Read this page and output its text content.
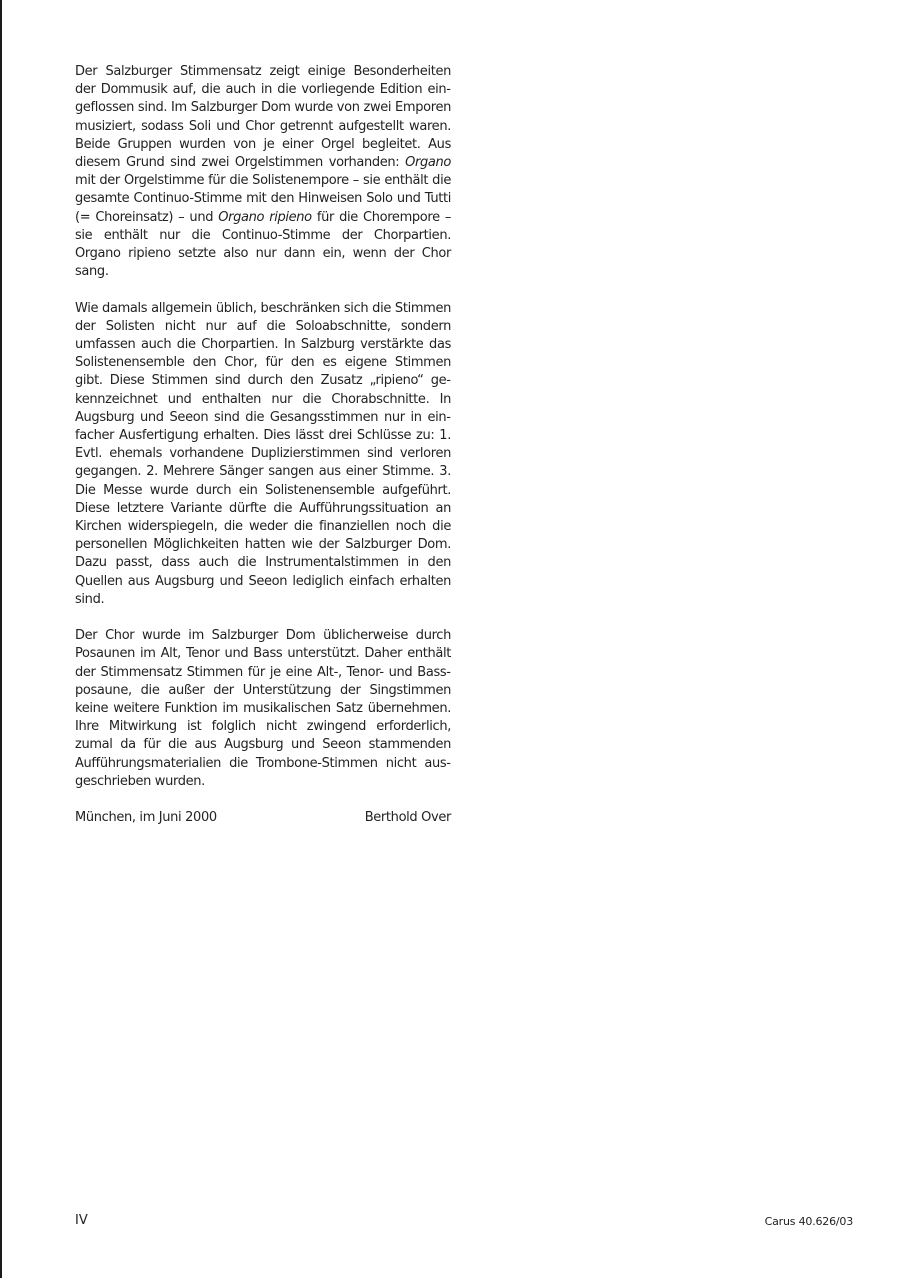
Der Salzburger Stimmensatz zeigt einige Besonderheiten der Dommusik auf, die auch in die vorliegende Edition eingeflossen sind. Im Salzburger Dom wurde von zwei Emporen musiziert, sodass Soli und Chor getrennt aufgestellt waren. Beide Gruppen wurden von je einer Orgel begleitet. Aus diesem Grund sind zwei Orgelstimmen vorhanden: Organo mit der Orgelstimme für die Solistenempore – sie enthält die gesamte Continuo-Stimme mit den Hinweisen Solo und Tutti (= Choreinsatz) – und Organo ripieno für die Chorempore – sie enthält nur die Continuo-Stimme der Chorpartien. Organo ripieno setzte also nur dann ein, wenn der Chor sang.

Wie damals allgemein üblich, beschränken sich die Stimmen der Solisten nicht nur auf die Soloabschnitte, sondern umfassen auch die Chorpartien. In Salzburg verstärkte das Solistenensemble den Chor, für den es eigene Stimmen gibt. Diese Stimmen sind durch den Zusatz „ripieno“ gekennzeichnet und enthalten nur die Chorabschnitte. In Augsburg und Seeon sind die Gesangsstimmen nur in einfacher Ausfertigung erhalten. Dies lässt drei Schlüsse zu: 1. Evtl. ehemals vorhandene Duplizierstimmen sind verloren gegangen. 2. Mehrere Sänger sangen aus einer Stimme. 3. Die Messe wurde durch ein Solistenensemble aufgeführt. Diese letztere Variante dürfte die Aufführungssituation an Kirchen widerspiegeln, die weder die finanziellen noch die personellen Möglichkeiten hatten wie der Salzburger Dom. Dazu passt, dass auch die Instrumentalstimmen in den Quellen aus Augsburg und Seeon lediglich einfach erhalten sind.

Der Chor wurde im Salzburger Dom üblicherweise durch Posaunen im Alt, Tenor und Bass unterstützt. Daher enthält der Stimmensatz Stimmen für je eine Alt-, Tenor- und Bassposaune, die außer der Unterstützung der Singstimmen keine weitere Funktion im musikalischen Satz übernehmen. Ihre Mitwirkung ist folglich nicht zwingend erforderlich, zumal da für die aus Augsburg und Seeon stammenden Aufführungsmaterialien die Trombone-Stimmen nicht ausgeschrieben wurden.

München, im Juni 2000	Berthold Over
IV	Carus 40.626/03
